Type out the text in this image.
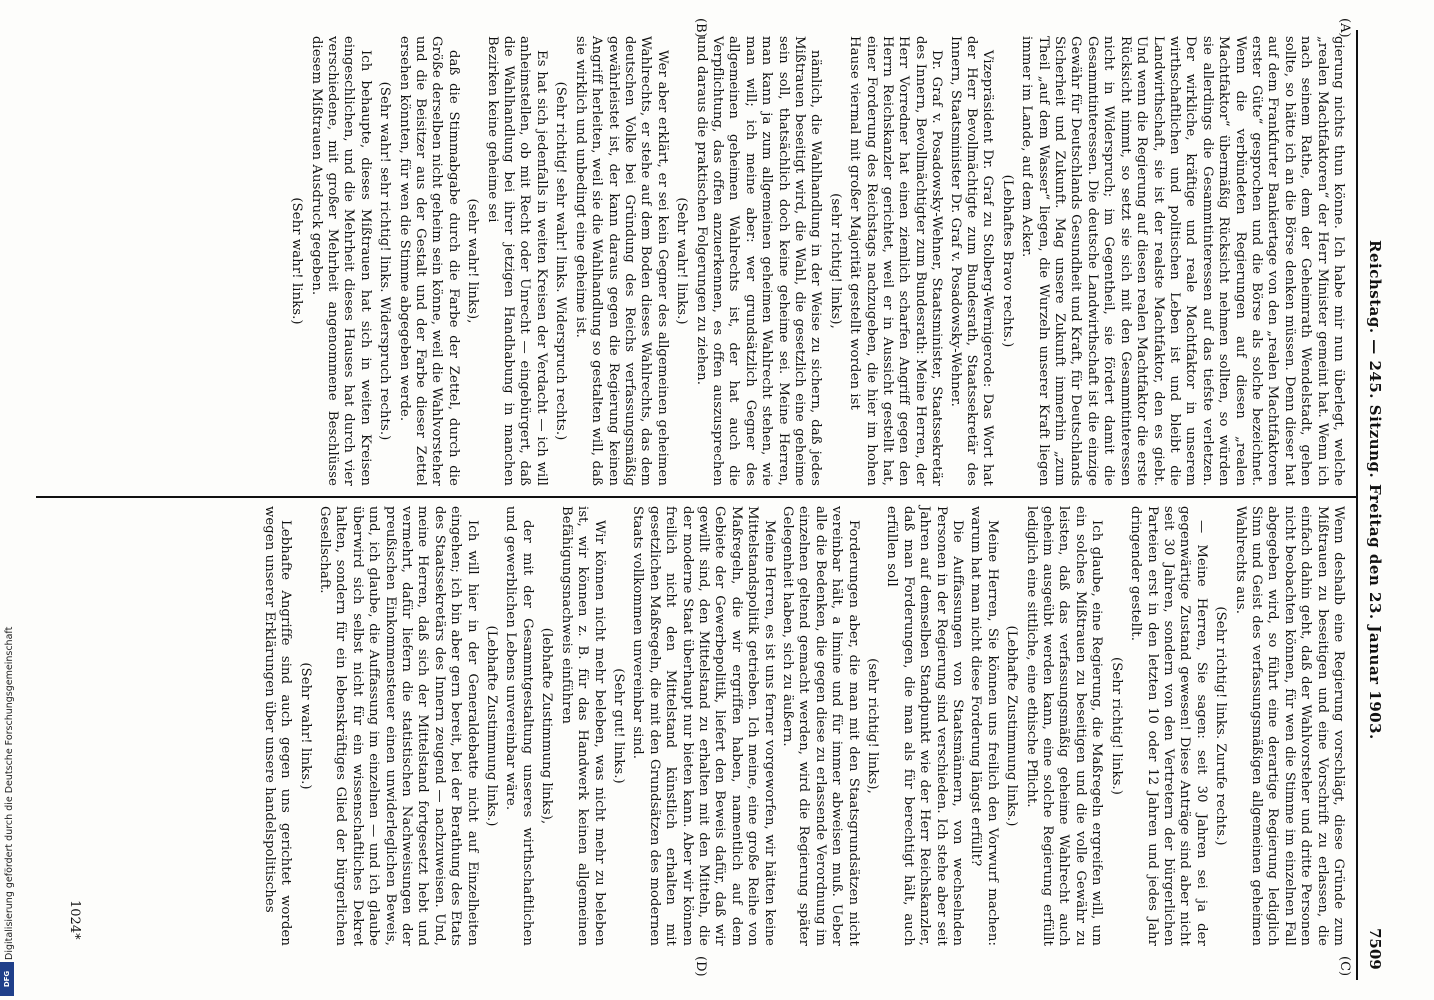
Reichstag. — 245. Sitzung. Freitag den 23. Januar 1903.
7509
(A)
(B)
(C)
(D)

gierung nichts thun könne. Ich habe mir nun überlegt, welche „realen Machtfaktoren“ der Herr Minister gemeint hat. Wenn ich nach seinem Rathe, dem der Geheimrath Wendelstadt, gehen sollte, so hätte ich an die Börse denken müssen. Denn dieser hat auf dem Frankfurter Bankiertage von den „realen Machtfaktoren erster Güte“ gesprochen und die Börse als solche bezeichnet. Wenn die verbündeten Regierungen auf diesen „realen Machtfaktor“ übermäßig Rücksicht nehmen sollten, so würden sie allerdings die Gesammtinteressen auf das tiefste verletzen. Der wirkliche, kräftige und reale Machtfaktor in unserem wirthschaftlichen und politischen Leben ist und bleibt die Landwirthschaft, sie ist der realste Machtfaktor, den es giebt. Und wenn die Regierung auf diesen realen Machtfaktor die erste Rücksicht nimmt, so setzt sie sich mit den Gesammtinteressen nicht in Widerspruch; im Gegentheil, sie fördert damit die Gesammtinteressen. Die deutsche Landwirthschaft ist die einzige Gewähr für Deutschlands Gesundheit und Kraft, für Deutschlands Sicherheit und Zukunft. Mag unsere Zukunft immerhin „zum Theil „auf dem Wasser“ liegen, die Wurzeln unserer Kraft liegen immer im Lande, auf dem Acker.

(Lebhaftes Bravo rechts.)

Vizepräsident Dr. Graf zu Stolberg-Wernigerode: Das Wort hat der Herr Bevollmächtigte zum Bundesrath, Staatssekretär des Innern, Staatsminister Dr. Graf v. Posadowsky-Wehner.

Dr. Graf v. Posadowsky-Wehner, Staatsminister, Staatssekretär des Innern, Bevollmächtigter zum Bundesrath: Meine Herren, der Herr Vorredner hat einen ziemlich scharfen Angriff gegen den Herrn Reichskanzler gerichtet, weil er in Aussicht gestellt hat, einer Forderung des Reichstags nachzugeben, die hier im hohen Hause viermal mit großer Majorität gestellt worden ist

(sehr richtig! links),

nämlich, die Wahlhandlung in der Weise zu sichern, daß jedes Mißtrauen beseitigt wird, die Wahl, die gesetzlich eine geheime sein soll, thatsächlich doch keine geheime sei. Meine Herren, man kann ja zum allgemeinen geheimen Wahlrecht stehen, wie man will; ich meine aber: wer grundsätzlich Gegner des allgemeinen geheimen Wahlrechts ist, der hat auch die Verpflichtung, das offen anzuerkennen, es offen auszusprechen und daraus die praktischen Folgerungen zu ziehen.

(Sehr wahr! links.)

Wer aber erklärt, er sei kein Gegner des allgemeinen geheimen Wahlrechts, er stehe auf dem Boden dieses Wahlrechts, das dem deutschen Volke bei Gründung des Reichs verfassungsmäßig gewährleistet ist, der kann daraus gegen die Regierung keinen Angriff herleiten, weil sie die Wahlhandlung so gestalten will, daß sie wirklich und unbedingt eine geheime ist.

(Sehr richtig! sehr wahr! links. Widerspruch rechts.)

Es hat sich jedenfalls in weiten Kreisen der Verdacht — ich will anheimstellen, ob mit Recht oder Unrecht — eingebürgert, daß die Wahlhandlung bei ihrer jetzigen Handhabung in manchen Bezirken keine geheime sei

(sehr wahr! links),

daß die Stimmabgabe durch die Farbe der Zettel, durch die Größe derselben nicht geheim sein könne, weil die Wahlvorsteher und die Beisitzer aus der Gestalt und der Farbe dieser Zettel ersehen könnten, für wen die Stimme abgegeben werde.

(Sehr wahr! sehr richtig! links. Widerspruch rechts.)

Ich behaupte, dieses Mißtrauen hat sich in weiten Kreisen eingeschlichen, und die Mehrheit dieses Hauses hat durch vier verschiedene, mit großer Mehrheit angenommene Beschlüsse diesem Mißtrauen Ausdruck gegeben.

(Sehr wahr! links.)

Wenn deshalb eine Regierung vorschlägt, diese Gründe zum Mißtrauen zu beseitigen und eine Vorschrift zu erlassen, die einfach dahin geht, daß der Wahlvorsteher und dritte Personen nicht beobachten können, für wen die Stimme im einzelnen Fall abgegeben wird, so führt eine derartige Regierung lediglich Sinn und Geist des verfassungsmäßigen allgemeinen geheimen Wahlrechts aus.

(Sehr richtig! links. Zurufe rechts.)

— Meine Herren, Sie sagen: seit 30 Jahren sei ja der gegenwärtige Zustand gewesen! Diese Anträge sind aber nicht seit 30 Jahren, sondern von den Vertretern der bürgerlichen Parteien erst in den letzten 10 oder 12 Jahren und jedes Jahr dringender gestellt.

(Sehr richtig! links.)

Ich glaube, eine Regierung, die Maßregeln ergreifen will, um ein solches Mißtrauen zu beseitigen und die volle Gewähr zu leisten, daß das verfassungsmäßig geheime Wahlrecht auch geheim ausgeübt werden kann, eine solche Regierung erfüllt lediglich eine sittliche, eine ethische Pflicht.

(Lebhafte Zustimmung links.)

Meine Herren, Sie können uns freilich den Vorwurf machen: warum hat man nicht diese Forderung längst erfüllt?

Die Auffassungen von Staatsmännern, von wechselnden Personen in der Regierung sind verschieden. Ich stehe aber seit Jahren auf demselben Standpunkt wie der Herr Reichskanzler, daß man Forderungen, die man als für berechtigt hält, auch erfüllen soll

(sehr richtig! links),

Forderungen aber, die man mit den Staatsgrundsätzen nicht vereinbar hält, a limine und für immer abweisen muß. Ueber alle die Bedenken, die gegen diese zu erlassende Verordnung im einzelnen geltend gemacht werden, wird die Regierung später Gelegenheit haben, sich zu äußern.

Meine Herren, es ist uns ferner vorgeworfen, wir hätten keine Mittelstandspolitik getrieben. Ich meine, eine große Reihe von Maßregeln, die wir ergriffen haben, namentlich auf dem Gebiete der Gewerbepolitik, liefert den Beweis dafür, daß wir gewillt sind, den Mittelstand zu erhalten mit den Mitteln, die der moderne Staat überhaupt nur bieten kann. Aber wir können freilich nicht den Mittelstand künstlich erhalten mit gesetzlichen Maßregeln, die mit den Grundsätzen des modernen Staats vollkommen unvereinbar sind.

(Sehr gut! links.)

Wir können nicht mehr beleben, was nicht mehr zu beleben ist, wir können z. B. für das Handwerk keinen allgemeinen Befähigungsnachweis einführen

(lebhafte Zustimmung links),

der mit der Gesammtgestaltung unseres wirthschaftlichen und gewerblichen Lebens unvereinbar wäre.

(Lebhafte Zustimmung links.)

Ich will hier in der Generaldebatte nicht auf Einzelheiten eingehen; ich bin aber gern bereit, bei der Berathung des Etats des Staatssekretärs des Innern zeugend — nachzuweisen. Und, meine Herren, daß sich der Mittelstand fortgesetzt hebt und vermehrt, dafür liefern die statistischen Nachweisungen der preußischen Einkommensteuer einen unwiderleglichen Beweis, und, ich glaube, die Auffassung im einzelnen — und ich glaube überwird sich selbst nicht für ein wissenschaftliches Dekret halten, sondern für ein lebenskräftiges Glied der bürgerlichen Gesellschaft.

(Sehr wahr! links.)

Lebhafte Angriffe sind auch gegen uns gerichtet worden wegen unserer Erklärungen über unsere handelspolitisches

1024*
Digitalisierung gefördert durch die Deutsche Forschungsgemeinschaft
DFG
